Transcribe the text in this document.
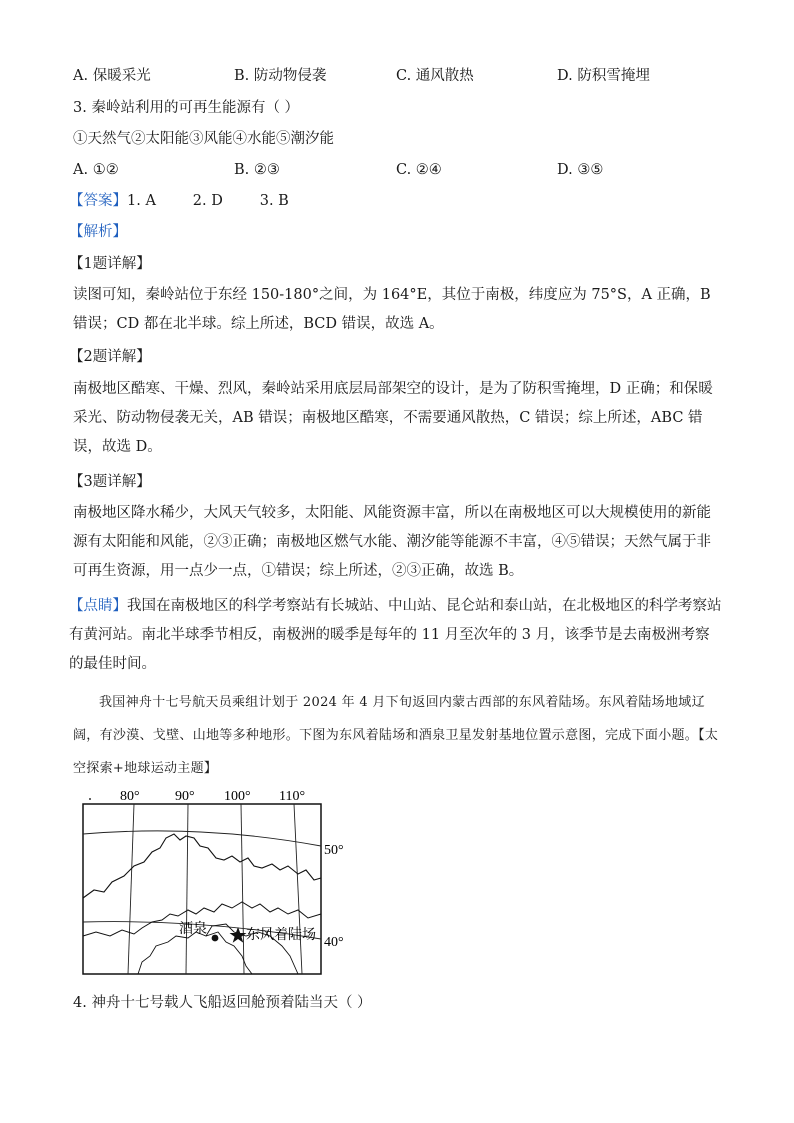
A. 保暖采光	B. 防动物侵袭	C. 通风散热	D. 防积雪掩埋
3. 秦岭站利用的可再生能源有（ ）
①天然气②太阳能③风能④水能⑤潮汐能
A. ①②	B. ②③	C. ②④	D. ③⑤
【答案】1. A        2. D        3. B
【解析】
【1题详解】
读图可知，秦岭站位于东经 150-180°之间，为 164°E，其位于南极，纬度应为 75°S，A 正确，B 错误；CD 都在北半球。综上所述，BCD 错误，故选 A。
【2题详解】
南极地区酷寒、干燥、烈风，秦岭站采用底层局部架空的设计，是为了防积雪掩埋，D 正确；和保暖采光、防动物侵袭无关，AB 错误；南极地区酷寒，不需要通风散热，C 错误；综上所述，ABC 错误，故选 D。
【3题详解】
南极地区降水稀少，大风天气较多，太阳能、风能资源丰富，所以在南极地区可以大规模使用的新能源有太阳能和风能，②③正确；南极地区燃气水能、潮汐能等能源不丰富，④⑤错误；天然气属于非可再生资源，用一点少一点，①错误；综上所述，②③正确，故选 B。
【点睛】我国在南极地区的科学考察站有长城站、中山站、昆仑站和泰山站，在北极地区的科学考察站有黄河站。南北半球季节相反，南极洲的暖季是每年的 11 月至次年的 3 月，该季节是去南极洲考察的最佳时间。
我国神舟十七号航天员乘组计划于 2024 年 4 月下旬返回内蒙古西部的东风着陆场。东风着陆场地域辽阔，有沙漠、戈壁、山地等多种地形。下图为东风着陆场和酒泉卫星发射基地位置示意图，完成下面小题。【太空探索+地球运动主题】
酒泉	东风着陆场
80°	90° 100° 110°
50°
40°
4. 神舟十七号载人飞船返回舱预着陆当天（ ）
